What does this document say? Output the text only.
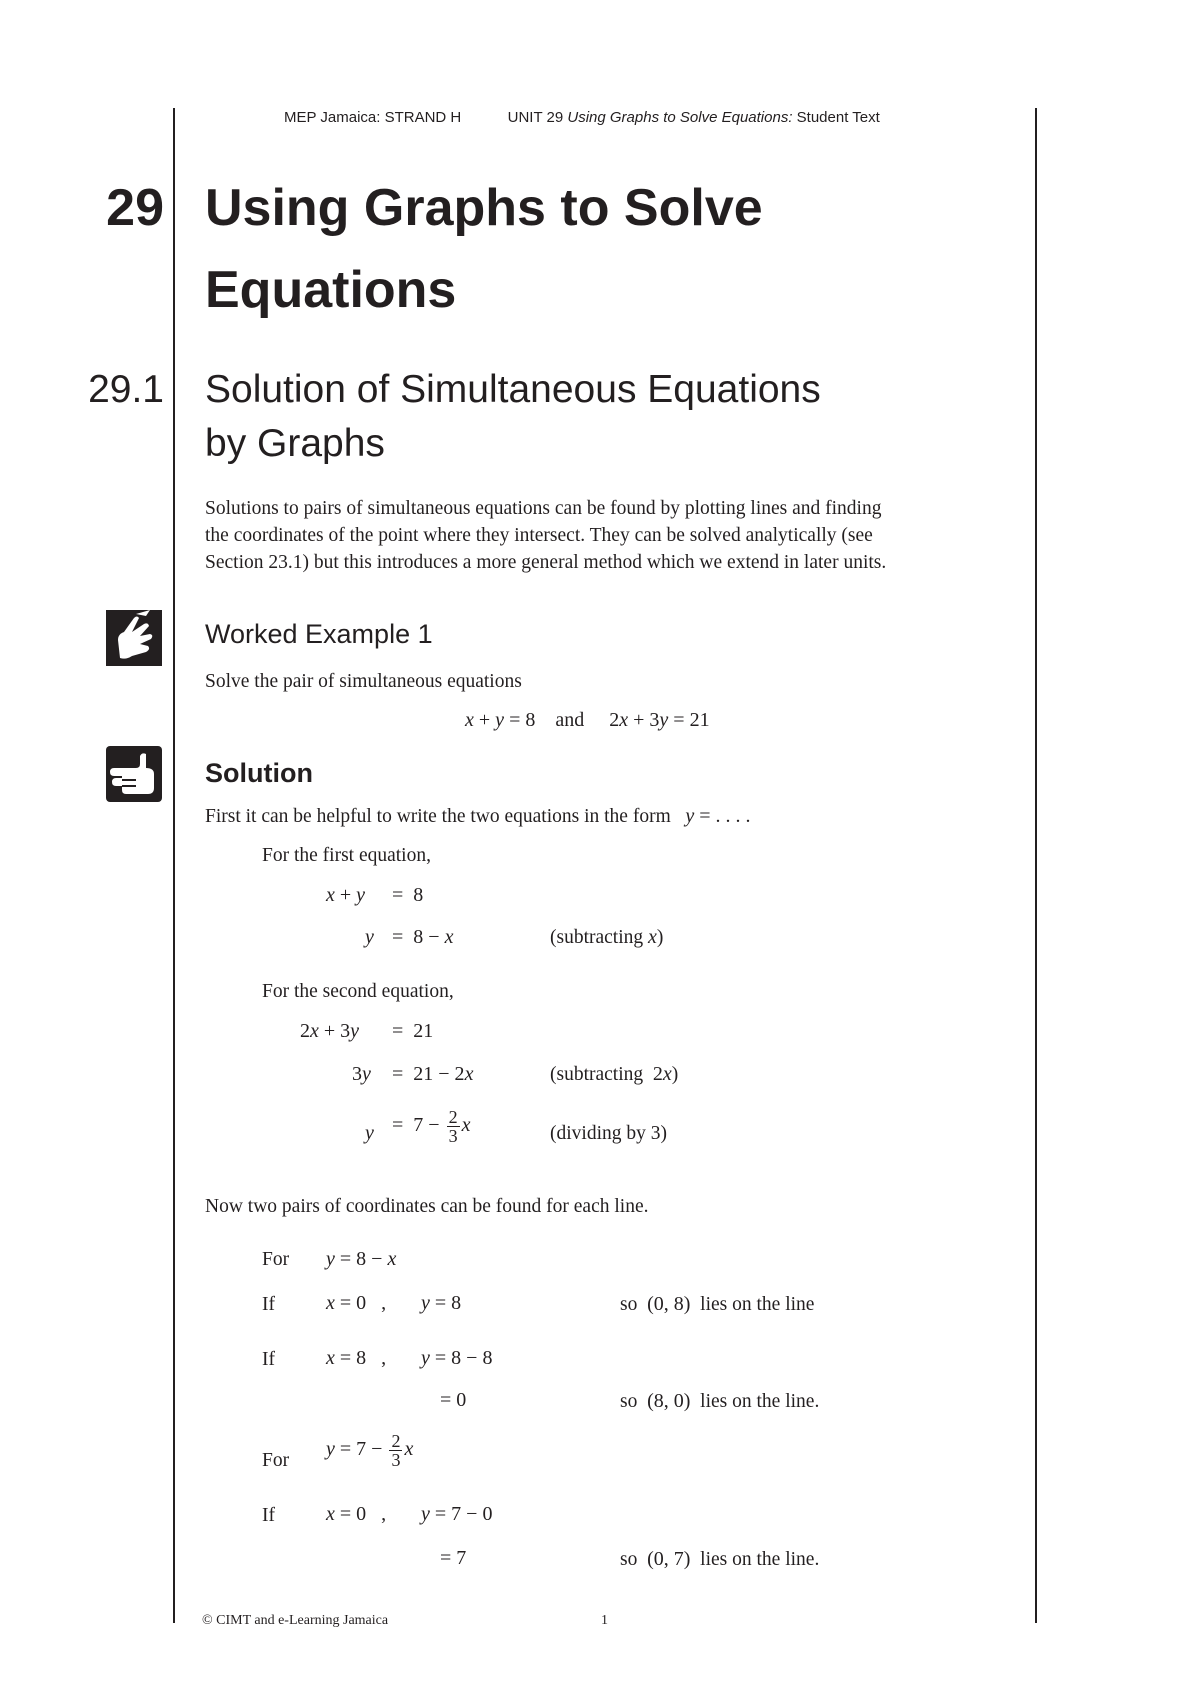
MEP Jamaica: STRAND H	UNIT 29 Using Graphs to Solve Equations: Student Text
29 Using Graphs to Solve
Equations
29.1 Solution of Simultaneous Equations
by Graphs
Solutions to pairs of simultaneous equations can be found by plotting lines and finding
the coordinates of the point where they intersect. They can be solved analytically (see
Section 23.1) but this introduces a more general method which we extend in later units.
Worked Example 1
Solve the pair of simultaneous equations
x + y = 8    and     2x + 3y = 21
Solution
First it can be helpful to write the two equations in the form y = . . . .
For the first equation,
x + y =  8
y =  8 − x	(subtracting x)
For the second equation,
2x + 3y =  21
3y =  21 − 2x	(subtracting 2x)
$y = 7 - \frac{2}{3}$ x	(dividing by 3)
Now two pairs of coordinates can be found for each line.
For y = 8 − x
If	x = 0   , y = 8	so (0, 8) lies on the line
If	x = 8   , y = 8 − 8
= 0	so (8, 0) lies on the line.
For
$y = 7 - \frac{2}{3}$ x
If	x = 0   , y = 7 − 0
= 7	so (0, 7) lies on the line.
© CIMT and e-Learning Jamaica	1
